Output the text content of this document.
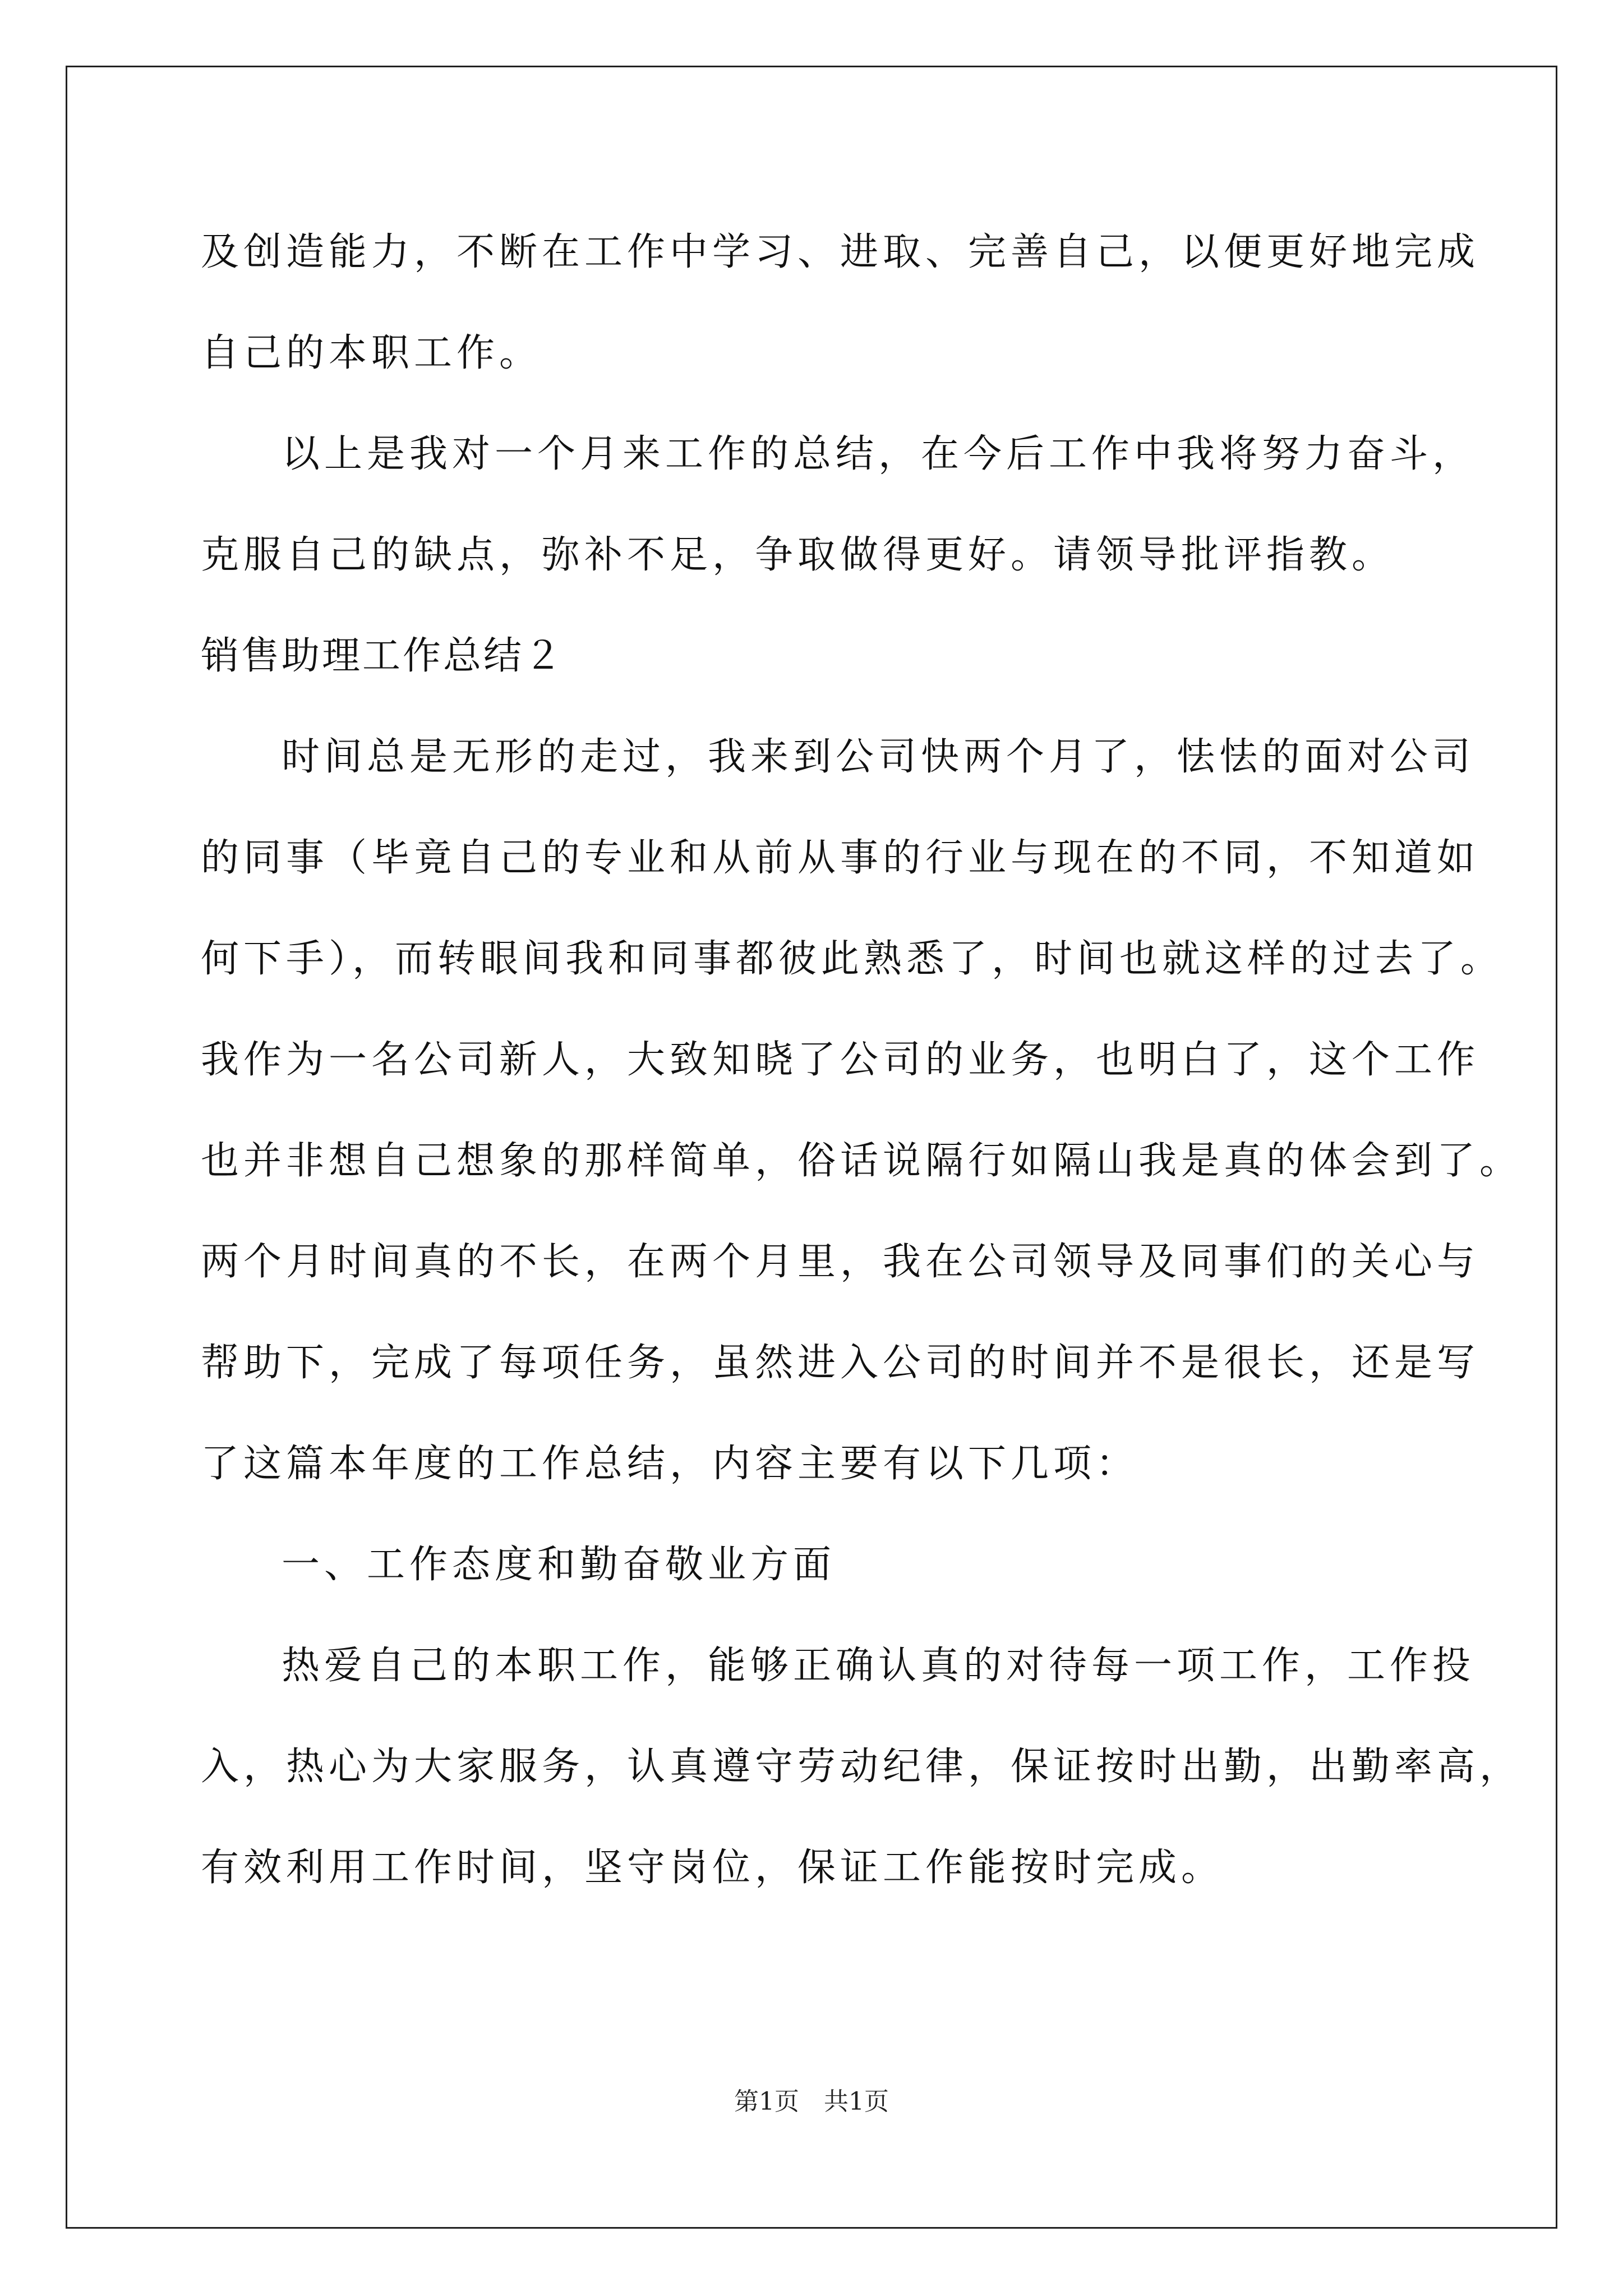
及创造能力，不断在工作中学习、进取、完善自己，以便更好地完成
自己的本职工作。
以上是我对一个月来工作的总结，在今后工作中我将努力奋斗，
克服自己的缺点，弥补不足，争取做得更好。请领导批评指教。
销售助理工作总结２
时间总是无形的走过，我来到公司快两个月了，怯怯的面对公司
的同事（毕竟自己的专业和从前从事的行业与现在的不同，不知道如
何下手），而转眼间我和同事都彼此熟悉了，时间也就这样的过去了。
我作为一名公司新人，大致知晓了公司的业务，也明白了，这个工作
也并非想自己想象的那样简单，俗话说隔行如隔山我是真的体会到了。
两个月时间真的不长，在两个月里，我在公司领导及同事们的关心与
帮助下，完成了每项任务，虽然进入公司的时间并不是很长，还是写
了这篇本年度的工作总结，内容主要有以下几项：
一、工作态度和勤奋敬业方面
热爱自己的本职工作，能够正确认真的对待每一项工作，工作投
入，热心为大家服务，认真遵守劳动纪律，保证按时出勤，出勤率高，
有效利用工作时间，坚守岗位，保证工作能按时完成。
第1页　共1页
